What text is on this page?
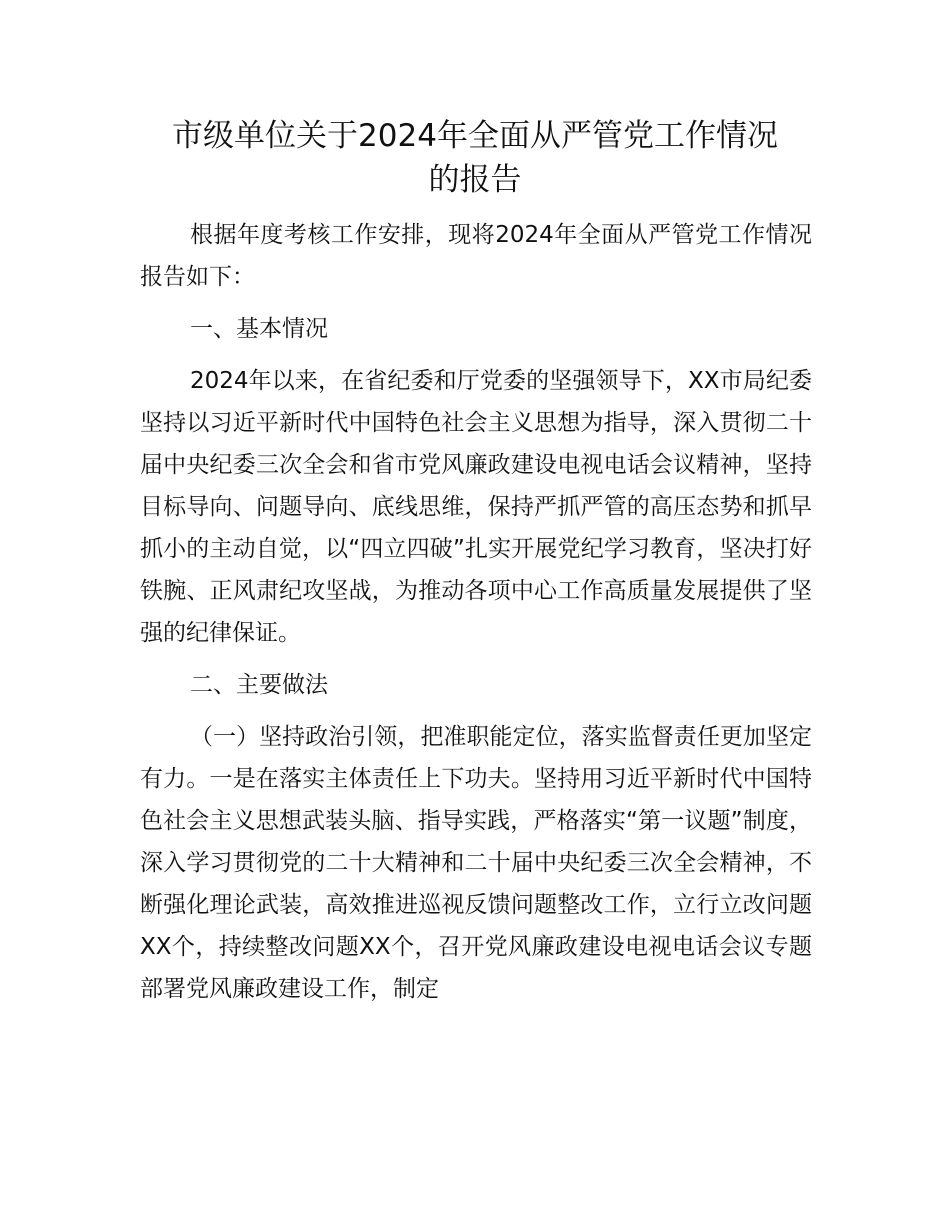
市级单位关于2024年全面从严管党工作情况
的报告

根据年度考核工作安排，现将2024年全面从严管党工作情况报告如下：

一、基本情况

2024年以来，在省纪委和厅党委的坚强领导下，XX市局纪委坚持以习近平新时代中国特色社会主义思想为指导，深入贯彻二十届中央纪委三次全会和省市党风廉政建设电视电话会议精神，坚持目标导向、问题导向、底线思维，保持严抓严管的高压态势和抓早抓小的主动自觉，以“四立四破”扎实开展党纪学习教育，坚决打好铁腕、正风肃纪攻坚战，为推动各项中心工作高质量发展提供了坚强的纪律保证。

二、主要做法

（一）坚持政治引领，把准职能定位，落实监督责任更加坚定有力。一是在落实主体责任上下功夫。坚持用习近平新时代中国特色社会主义思想武装头脑、指导实践，严格落实“第一议题”制度，深入学习贯彻党的二十大精神和二十届中央纪委三次全会精神，不断强化理论武装，高效推进巡视反馈问题整改工作，立行立改问题XX个，持续整改问题XX个，召开党风廉政建设电视电话会议专题部署党风廉政建设工作，制定
